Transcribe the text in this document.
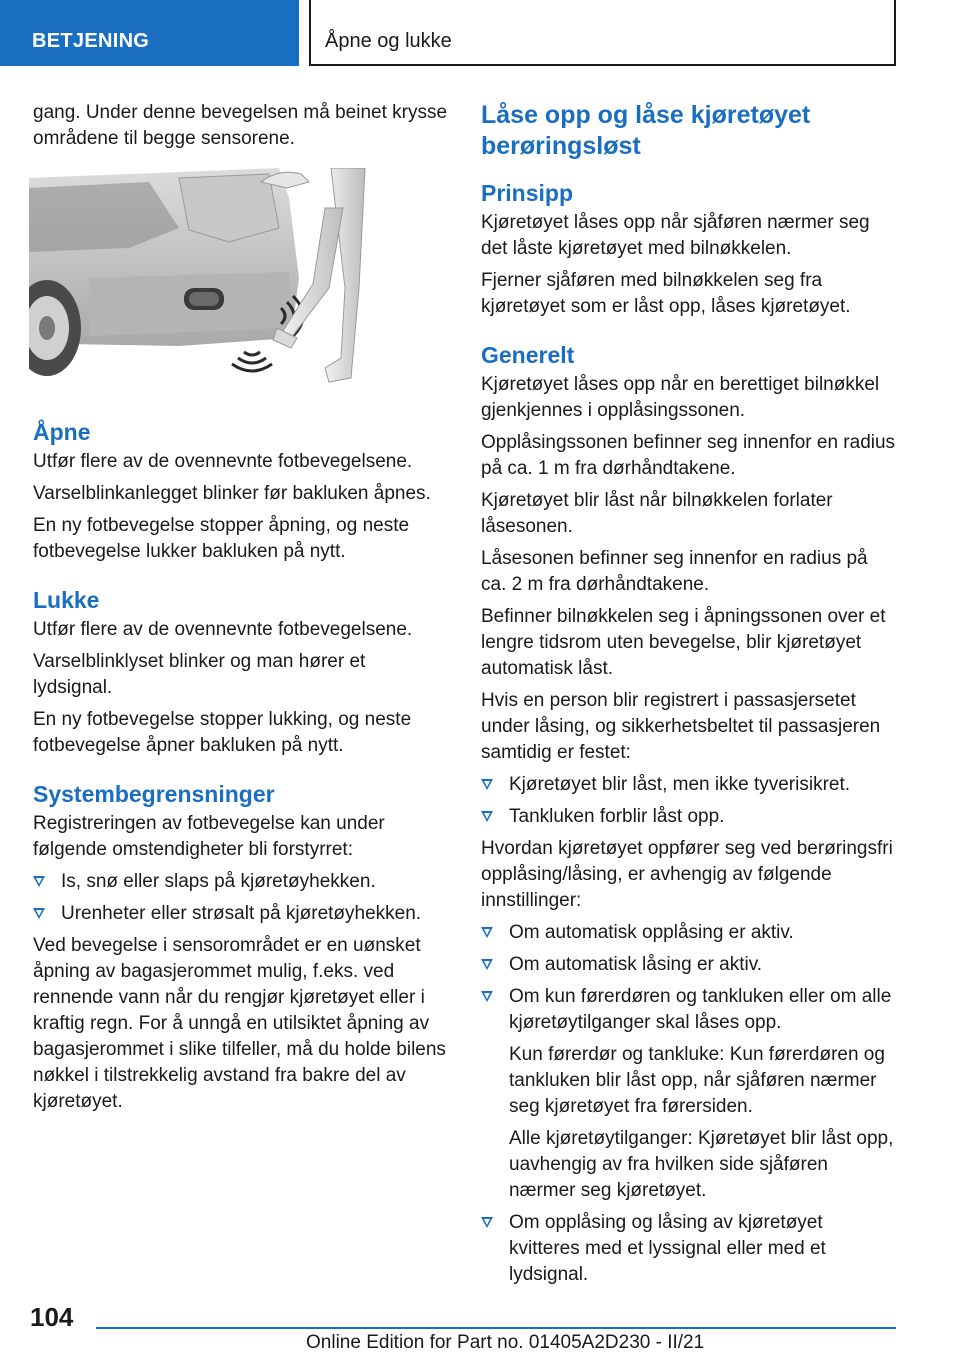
BETJENING	Åpne og lukke

gang. Under denne bevegelsen må beinet krysse områdene til begge sensorene.

Åpne

Utfør flere av de ovennevnte fotbevegelsene.

Varselblinkanlegget blinker før bakluken åpnes.

En ny fotbevegelse stopper åpning, og neste fotbevegelse lukker bakluken på nytt.

Lukke

Utfør flere av de ovennevnte fotbevegelsene.

Varselblinklyset blinker og man hører et lydsignal.

En ny fotbevegelse stopper lukking, og neste fotbevegelse åpner bakluken på nytt.

Systembegrensninger

Registreringen av fotbevegelse kan under følgende omstendigheter bli forstyrret:

Is, snø eller slaps på kjøretøyhekken.
Urenheter eller strøsalt på kjøretøyhekken.

Ved bevegelse i sensorområdet er en uønsket åpning av bagasjerommet mulig, f.eks. ved rennende vann når du rengjør kjøretøyet eller i kraftig regn. For å unngå en utilsiktet åpning av bagasjerommet i slike tilfeller, må du holde bilens nøkkel i tilstrekkelig avstand fra bakre del av kjøretøyet.

Låse opp og låse kjøretøyet berøringsløst
Prinsipp

Kjøretøyet låses opp når sjåføren nærmer seg det låste kjøretøyet med bilnøkkelen.

Fjerner sjåføren med bilnøkkelen seg fra kjøretøyet som er låst opp, låses kjøretøyet.

Generelt

Kjøretøyet låses opp når en berettiget bilnøkkel gjenkjennes i opplåsingssonen.

Opplåsingssonen befinner seg innenfor en radius på ca. 1 m fra dørhåndtakene.

Kjøretøyet blir låst når bilnøkkelen forlater låsesonen.

Låsesonen befinner seg innenfor en radius på ca. 2 m fra dørhåndtakene.

Befinner bilnøkkelen seg i åpningssonen over et lengre tidsrom uten bevegelse, blir kjøretøyet automatisk låst.

Hvis en person blir registrert i passasjersetet under låsing, og sikkerhetsbeltet til passasjeren samtidig er festet:

Kjøretøyet blir låst, men ikke tyverisikret.
Tankluken forblir låst opp.

Hvordan kjøretøyet oppfører seg ved berøringsfri opplåsing/låsing, er avhengig av følgende innstillinger:

Om automatisk opplåsing er aktiv.
Om automatisk låsing er aktiv.
Om kun førerdøren og tankluken eller om alle kjøretøytilganger skal låses opp.

Kun førerdør og tankluke: Kun førerdøren og tankluken blir låst opp, når sjåføren nærmer seg kjøretøyet fra førersiden.

Alle kjøretøytilganger: Kjøretøyet blir låst opp, uavhengig av fra hvilken side sjåføren nærmer seg kjøretøyet.

Om opplåsing og låsing av kjøretøyet kvitteres med et lyssignal eller med et lydsignal.
104
Online Edition for Part no. 01405A2D230 - II/21
